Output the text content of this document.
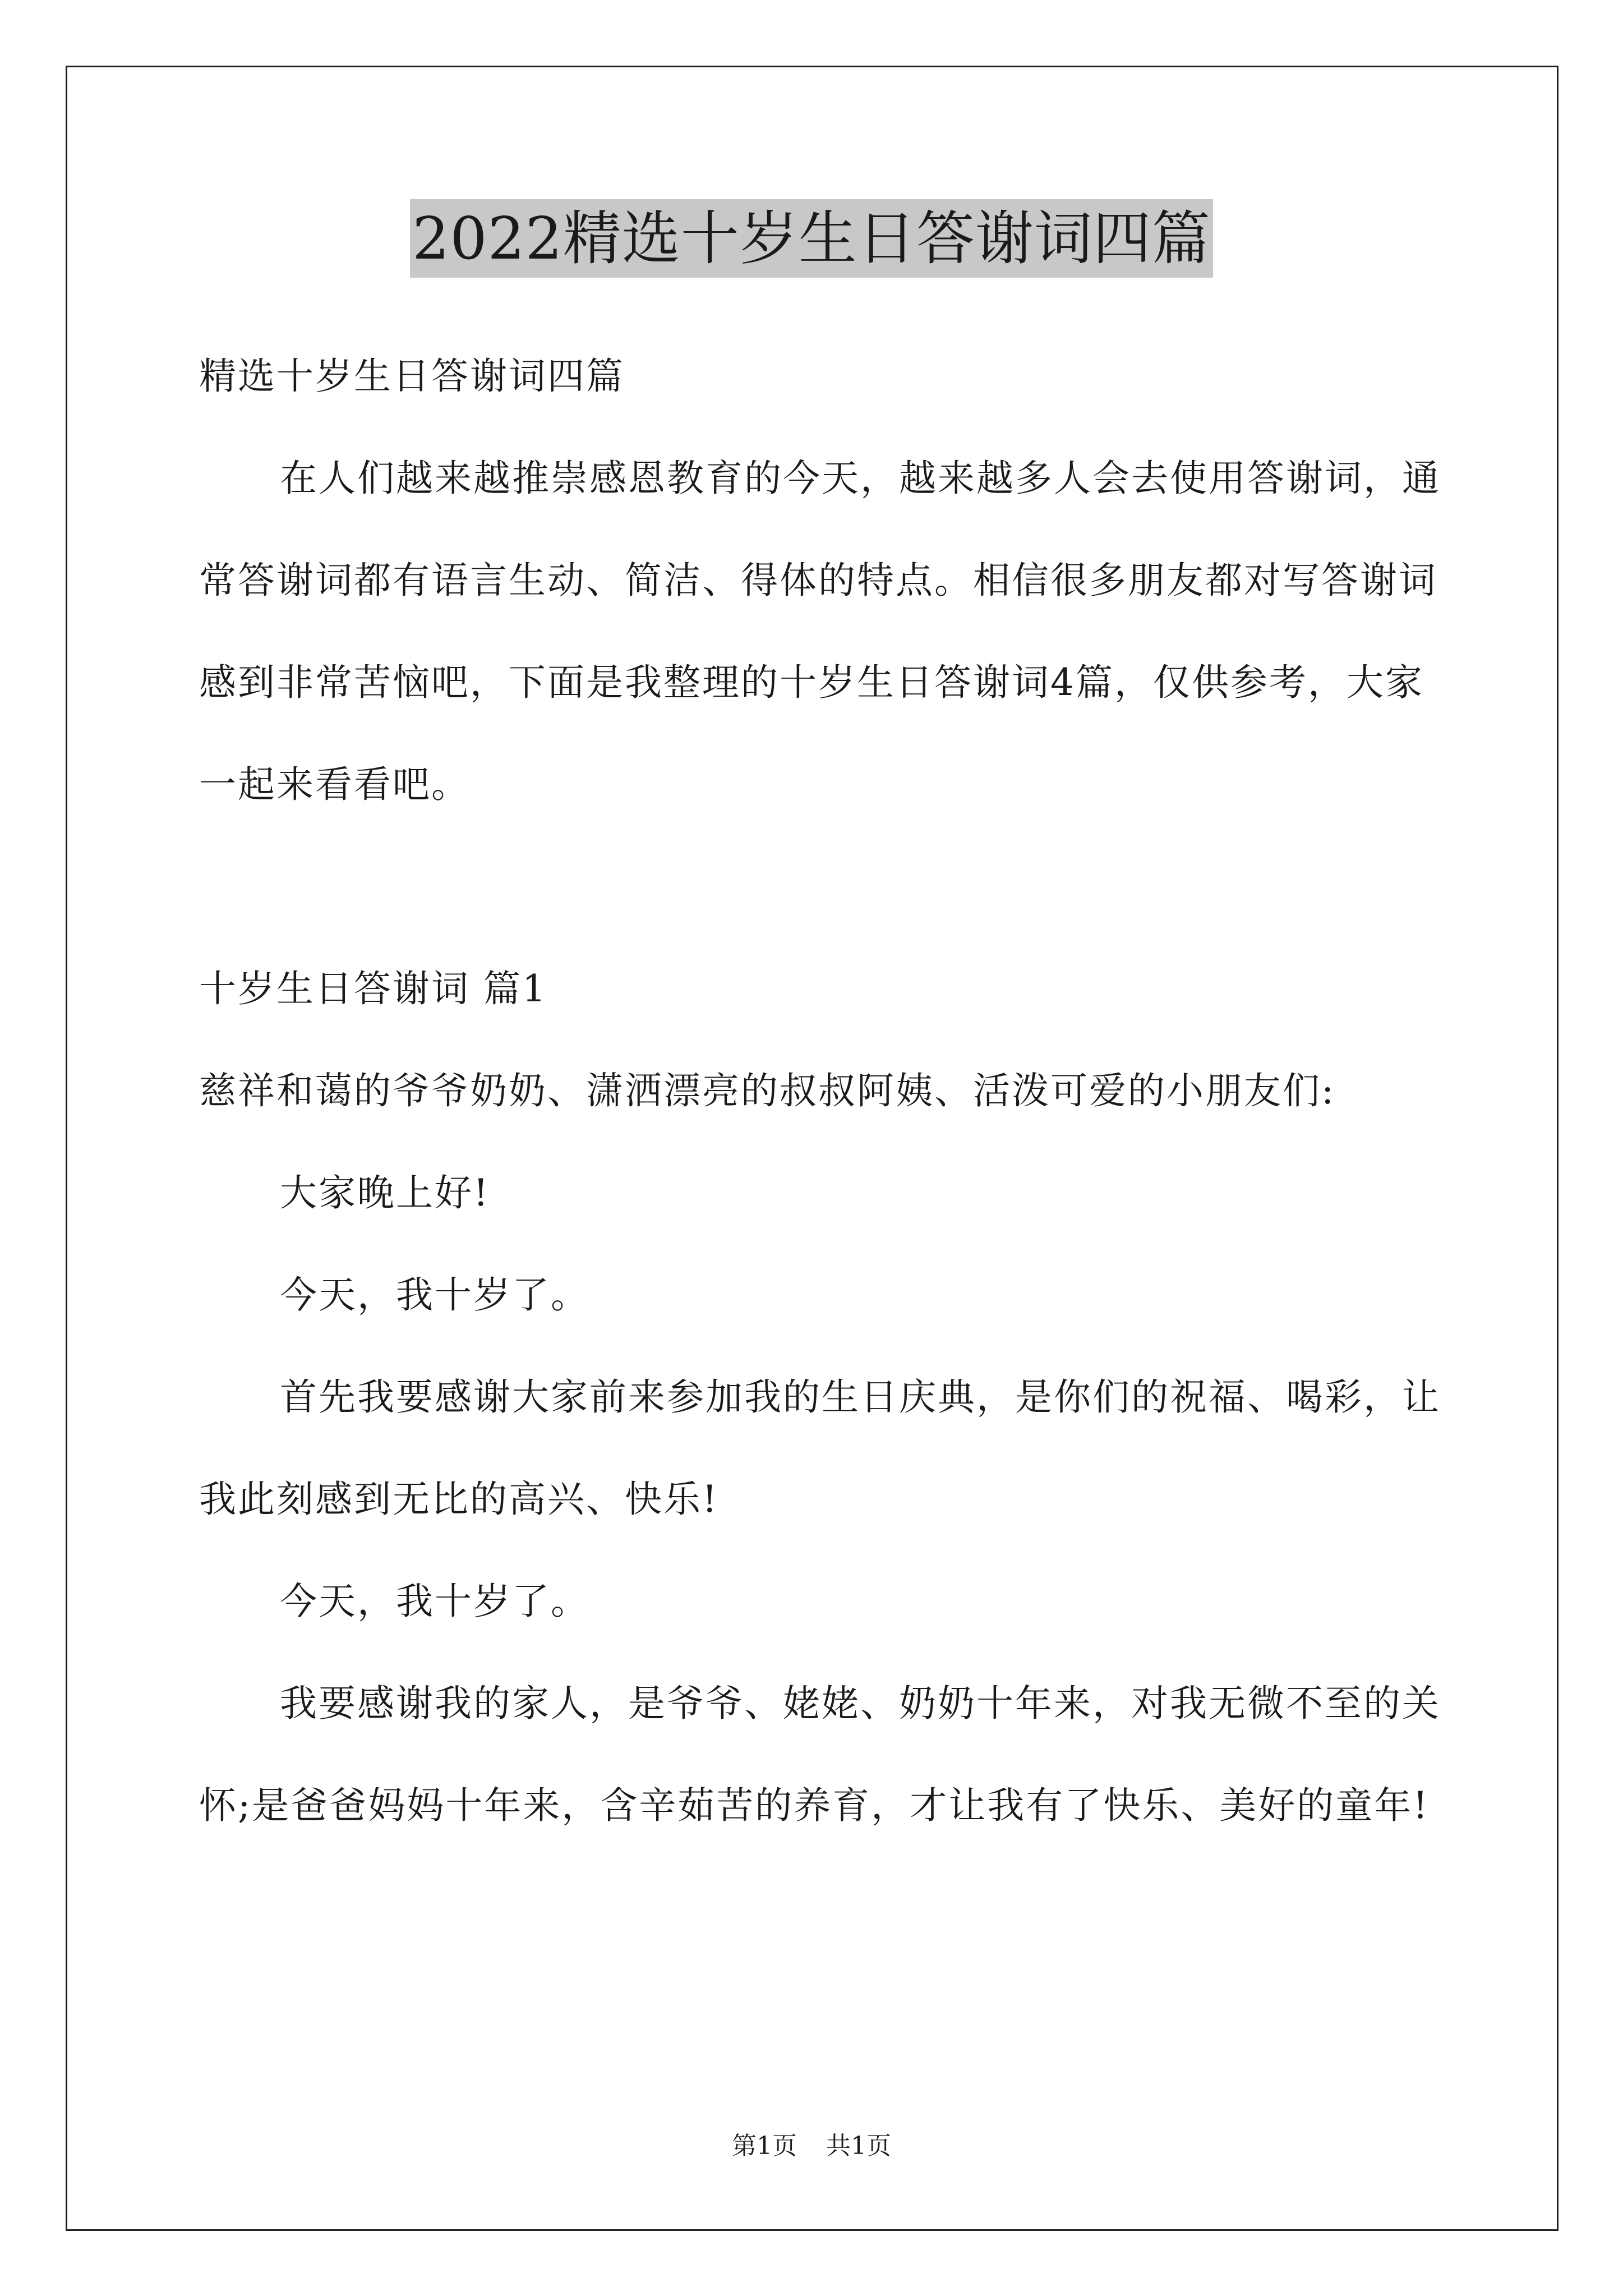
2022精选十岁生日答谢词四篇

精选十岁生日答谢词四篇

在人们越来越推崇感恩教育的今天，越来越多人会去使用答谢词，通常答谢词都有语言生动、简洁、得体的特点。相信很多朋友都对写答谢词感到非常苦恼吧，下面是我整理的十岁生日答谢词4篇，仅供参考，大家一起来看看吧。

十岁生日答谢词 篇1

慈祥和蔼的爷爷奶奶、潇洒漂亮的叔叔阿姨、活泼可爱的小朋友们:

大家晚上好!

今天，我十岁了。

首先我要感谢大家前来参加我的生日庆典，是你们的祝福、喝彩，让我此刻感到无比的高兴、快乐!

今天，我十岁了。

我要感谢我的家人，是爷爷、姥姥、奶奶十年来，对我无微不至的关怀;是爸爸妈妈十年来，含辛茹苦的养育，才让我有了快乐、美好的童年!

第1页 共1页
